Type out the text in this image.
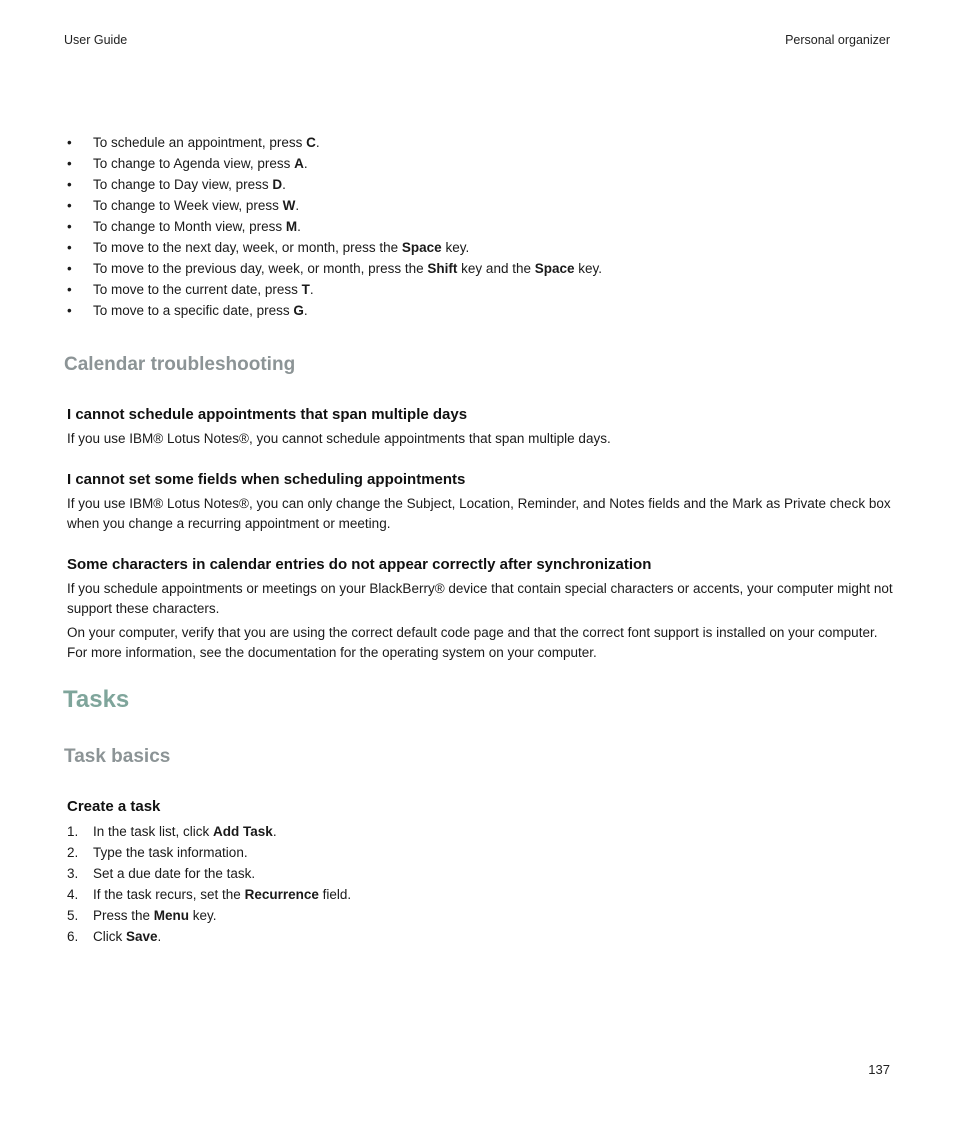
User Guide	Personal organizer
• To schedule an appointment, press C.
• To change to Agenda view, press A.
• To change to Day view, press D.
• To change to Week view, press W.
• To change to Month view, press M.
• To move to the next day, week, or month, press the Space key.
• To move to the previous day, week, or month, press the Shift key and the Space key.
• To move to the current date, press T.
• To move to a specific date, press G.
Calendar troubleshooting
I cannot schedule appointments that span multiple days

If you use IBM® Lotus Notes®, you cannot schedule appointments that span multiple days.

I cannot set some fields when scheduling appointments

If you use IBM® Lotus Notes®, you can only change the Subject, Location, Reminder, and Notes fields and the Mark as Private check box when you change a recurring appointment or meeting.

Some characters in calendar entries do not appear correctly after synchronization

If you schedule appointments or meetings on your BlackBerry® device that contain special characters or accents, your computer might not support these characters.

On your computer, verify that you are using the correct default code page and that the correct font support is installed on your computer. For more information, see the documentation for the operating system on your computer.

Tasks
Task basics
Create a task
1. In the task list, click Add Task.
2. Type the task information.
3. Set a due date for the task.
4. If the task recurs, set the Recurrence field.
5. Press the Menu key.
6. Click Save.
137
